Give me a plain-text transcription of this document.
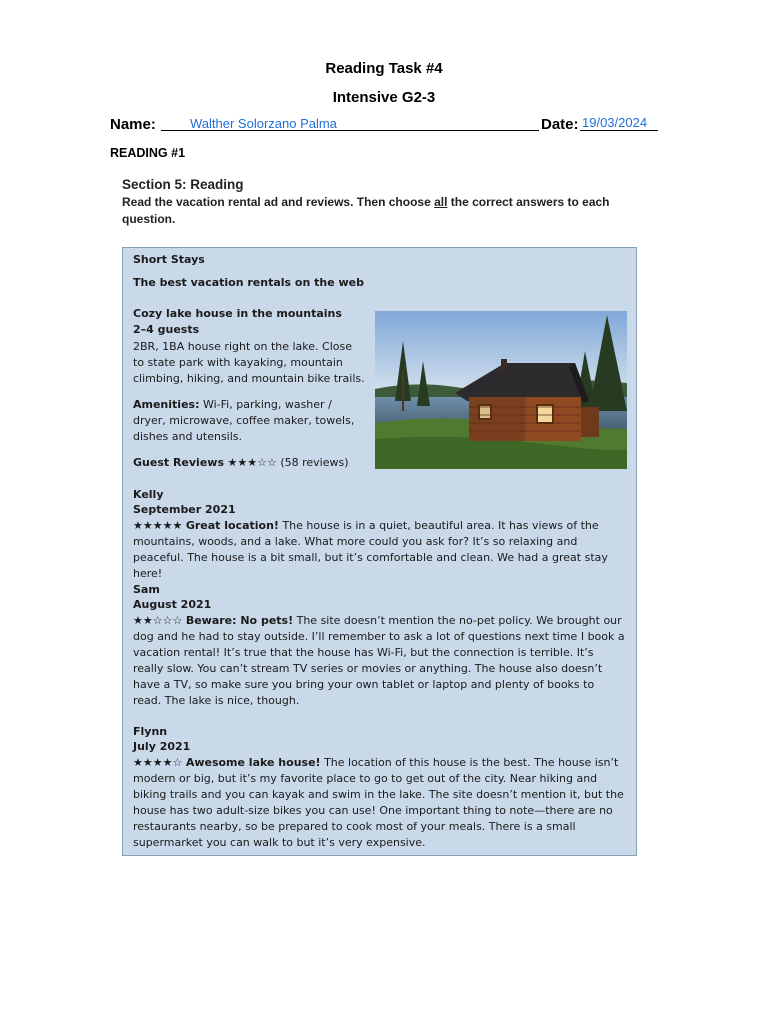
Reading Task #4
Intensive G2-3
Name:	Walther Solorzano Palma	Date: 19/03/2024
READING #1
Section 5: Reading
Read the vacation rental ad and reviews. Then choose all the correct answers to each question.
Short Stays
The best vacation rentals on the web
Cozy lake house in the mountains
2–4 guests
2BR, 1BA house right on the lake. Close to state park with kayaking, mountain climbing, hiking, and mountain bike trails.
Amenities: Wi-Fi, parking, washer / dryer, microwave, coffee maker, towels, dishes and utensils.
Guest Reviews ★★★☆☆ (58 reviews)
Kelly
September 2021
★★★★★ Great location! The house is in a quiet, beautiful area. It has views of the mountains, woods, and a lake. What more could you ask for? It’s so relaxing and peaceful. The house is a bit small, but it’s comfortable and clean. We had a great stay here!
Sam
August 2021
★★☆☆☆ Beware: No pets! The site doesn’t mention the no-pet policy. We brought our dog and he had to stay outside. I’ll remember to ask a lot of questions next time I book a vacation rental! It’s true that the house has Wi-Fi, but the connection is terrible. It’s really slow. You can’t stream TV series or movies or anything. The house also doesn’t have a TV, so make sure you bring your own tablet or laptop and plenty of books to read. The lake is nice, though.
Flynn
July 2021
★★★★☆ Awesome lake house! The location of this house is the best. The house isn’t modern or big, but it’s my favorite place to go to get out of the city. Near hiking and biking trails and you can kayak and swim in the lake. The site doesn’t mention it, but the house has two adult-size bikes you can use! One important thing to note—there are no restaurants nearby, so be prepared to cook most of your meals. There is a small supermarket you can walk to but it’s very expensive.
